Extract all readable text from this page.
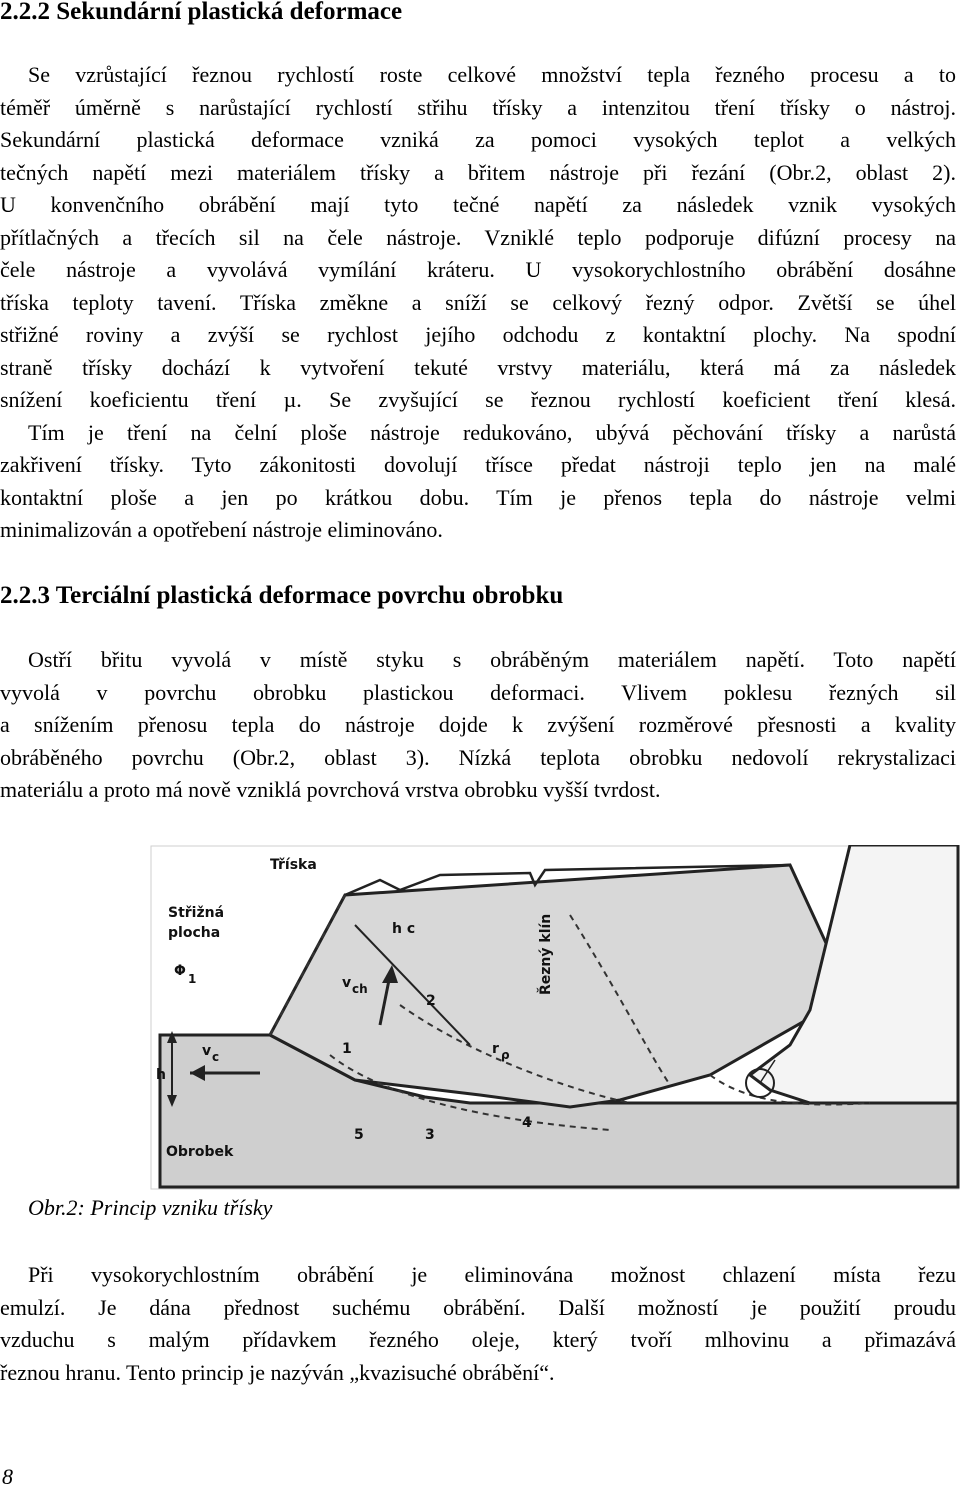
2.2.2 Sekundární plastická deformace
Se vzrůstající řeznou rychlostí roste celkové množství tepla řezného procesu a to
téměř úměrně s narůstající rychlostí střihu třísky a intenzitou tření třísky o nástroj.
Sekundární plastická deformace vzniká za pomoci vysokých teplot a velkých
tečných napětí mezi materiálem třísky a břitem nástroje při řezání (Obr.2, oblast 2).
U konvenčního obrábění mají tyto tečné napětí za následek vznik vysokých
přítlačných a třecích sil na čele nástroje. Vzniklé teplo podporuje difúzní procesy na
čele nástroje a vyvolává vymílání kráteru. U vysokorychlostního obrábění dosáhne
tříska teploty tavení. Tříska změkne a sníží se celkový řezný odpor. Zvětší se úhel
střižné roviny a zvýší se rychlost jejího odchodu z kontaktní plochy. Na spodní
straně třísky dochází k vytvoření tekuté vrstvy materiálu, která má za následek
snížení koeficientu tření µ. Se zvyšující se řeznou rychlostí koeficient tření klesá.
Tím je tření na čelní ploše nástroje redukováno, ubývá pěchování třísky a narůstá
zakřivení třísky. Tyto zákonitosti dovolují třísce předat nástroji teplo jen na malé
kontaktní ploše a jen po krátkou dobu. Tím je přenos tepla do nástroje velmi
minimalizován a opotřebení nástroje eliminováno.
2.2.3 Terciální plastická deformace povrchu obrobku
Ostří břitu vyvolá v místě styku s obráběným materiálem napětí. Toto napětí
vyvolá v povrchu obrobku plastickou deformaci. Vlivem poklesu řezných sil
a snížením přenosu tepla do nástroje dojde k zvýšení rozměrové přesnosti a kvality
obráběného povrchu (Obr.2, oblast 3). Nízká teplota obrobku nedovolí rekrystalizaci
materiálu a proto má nově vzniklá povrchová vrstva obrobku vyšší tvrdost.
Tříska
Střižná
plocha
Φ 1
h
v c
h c
v ch
2
1	r ρ
5	3
4
Obrobek
Řezný klín

Obr.2: Princip vzniku třísky

Při vysokorychlostním obrábění je eliminována možnost chlazení místa řezu
emulzí. Je dána přednost suchému obrábění. Další možností je použití proudu
vzduchu s malým přídavkem řezného oleje, který tvoří mlhovinu a přimazává
řeznou hranu. Tento princip je nazýván „kvazisuché obrábění“.

8
